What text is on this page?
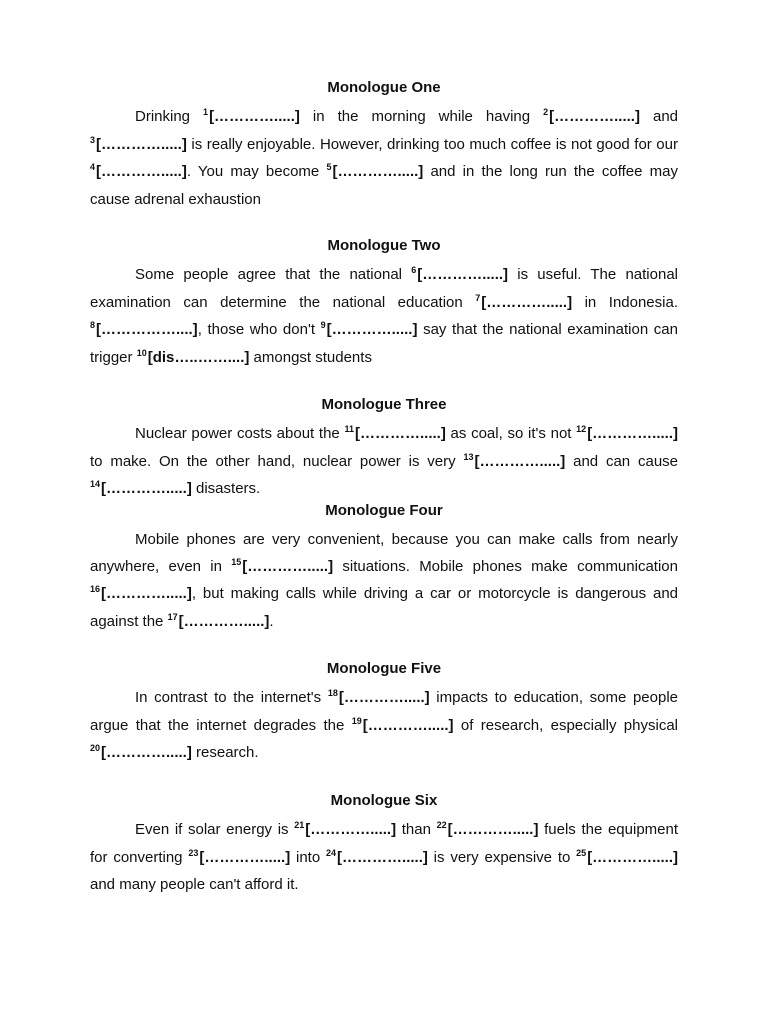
Monologue One

Drinking $^1$[………….....] in the morning while having $^2$[………….....] and $^3$[………….....] is really enjoyable. However, drinking too much coffee is not good for our $^4$[………….....]. You may become $^5$[………….....] and in the long run the coffee may cause adrenal exhaustion

Monologue Two

Some people agree that the national $^6$[………….....] is useful. The national examination can determine the national education $^7$[………….....] in Indonesia. $^8$[……………....], those who don't $^9$[………….....] say that the national examination can trigger $^{10}$[dis…..……....] amongst students

Monologue Three

Nuclear power costs about the $^{11}$[………….....] as coal, so it's not $^{12}$[………….....] to make. On the other hand, nuclear power is very $^{13}$[………….....] and can cause $^{14}$[………….....] disasters.

Monologue Four

Mobile phones are very convenient, because you can make calls from nearly anywhere, even in $^{15}$[………….....] situations. Mobile phones make communication $^{16}$[………….....], but making calls while driving a car or motorcycle is dangerous and against the $^{17}$[………….....].

Monologue Five

In contrast to the internet's $^{18}$[………….....] impacts to education, some people argue that the internet degrades the $^{19}$[………….....] of research, especially physical $^{20}$[………….....] research.

Monologue Six

Even if solar energy is $^{21}$[………….....] than $^{22}$[………….....] fuels the equipment for converting $^{23}$[………….....] into $^{24}$[………….....] is very expensive to $^{25}$[………….....] and many people can't afford it.
